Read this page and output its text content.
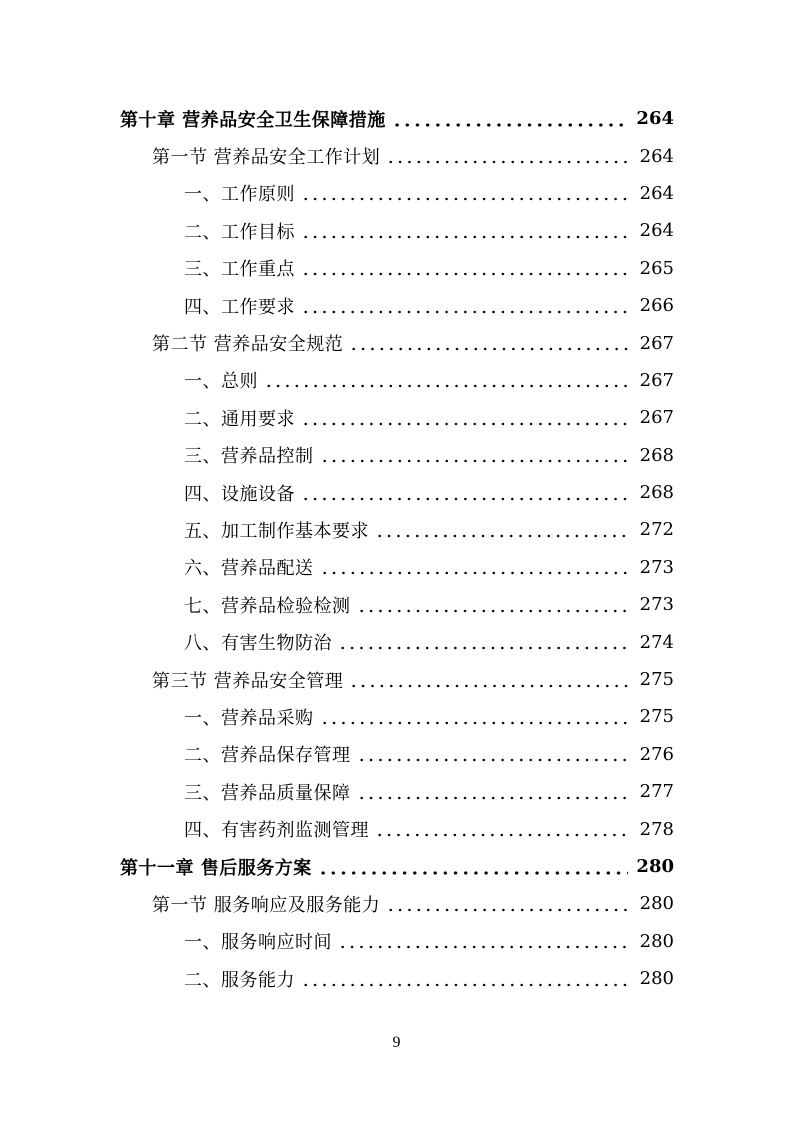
第十章 营养品安全卫生保障措施	264
第一节 营养品安全工作计划	264
一、工作原则	264
二、工作目标	264
三、工作重点	265
四、工作要求	266
第二节 营养品安全规范	267
一、总则	267
二、通用要求	267
三、营养品控制	268
四、设施设备	268
五、加工制作基本要求	272
六、营养品配送	273
七、营养品检验检测	273
八、有害生物防治	274
第三节 营养品安全管理	275
一、营养品采购	275
二、营养品保存管理	276
三、营养品质量保障	277
四、有害药剂监测管理	278
第十一章 售后服务方案	280
第一节 服务响应及服务能力	280
一、服务响应时间	280
二、服务能力	280
9
